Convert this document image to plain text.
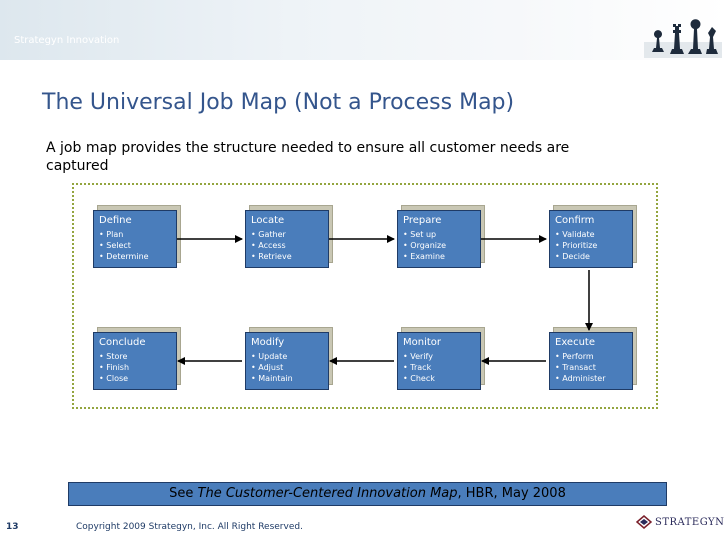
Strategyn Innovation
The Universal Job Map (Not a Process Map)
A job map provides the structure needed to ensure all customer needs are captured
Define
• Plan
• Select
• Determine
Locate
• Gather
• Access
• Retrieve
Prepare
• Set up
• Organize
• Examine
Confirm
• Validate
• Prioritize
• Decide
Execute
• Perform
• Transact
• Administer
Monitor
• Verify
• Track
• Check
Modify
• Update
• Adjust
• Maintain
Conclude
• Store
• Finish
• Close
See The Customer-Centered Innovation Map, HBR, May 2008
13	Copyright 2009 Strategyn, Inc. All Right Reserved.	STRATEGYN
